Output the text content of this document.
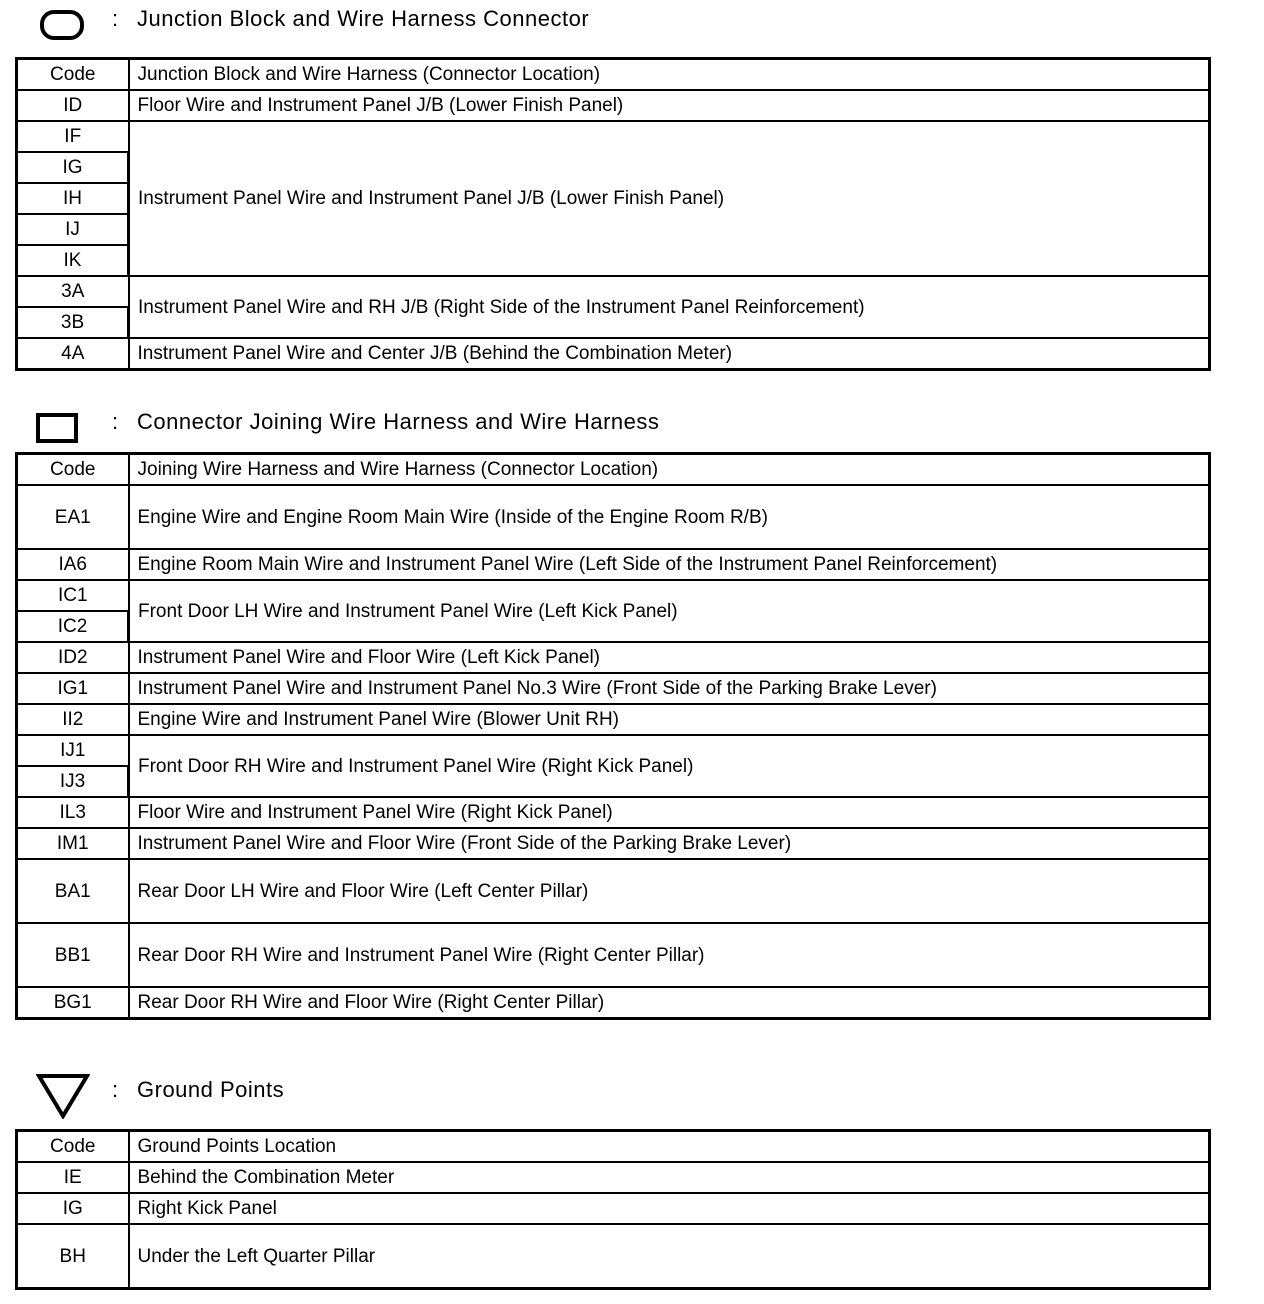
: Junction Block and Wire Harness Connector
Code	Junction Block and Wire Harness (Connector Location)
ID	Floor Wire and Instrument Panel J/B (Lower Finish Panel)
IF	Instrument Panel Wire and Instrument Panel J/B (Lower Finish Panel)
IG	
IH	
IJ	
IK	
3A	Instrument Panel Wire and RH J/B (Right Side of the Instrument Panel Reinforcement)
3B	
4A	Instrument Panel Wire and Center J/B (Behind the Combination Meter)
: Connector Joining Wire Harness and Wire Harness
Code	Joining Wire Harness and Wire Harness (Connector Location)
EA1	Engine Wire and Engine Room Main Wire (Inside of the Engine Room R/B)
IA6	Engine Room Main Wire and Instrument Panel Wire (Left Side of the Instrument Panel Reinforcement)
IC1	Front Door LH Wire and Instrument Panel Wire (Left Kick Panel)
IC2	
ID2	Instrument Panel Wire and Floor Wire (Left Kick Panel)
IG1	Instrument Panel Wire and Instrument Panel No.3 Wire (Front Side of the Parking Brake Lever)
II2	Engine Wire and Instrument Panel Wire (Blower Unit RH)
IJ1	Front Door RH Wire and Instrument Panel Wire (Right Kick Panel)
IJ3	
IL3	Floor Wire and Instrument Panel Wire (Right Kick Panel)
IM1	Instrument Panel Wire and Floor Wire (Front Side of the Parking Brake Lever)
BA1	Rear Door LH Wire and Floor Wire (Left Center Pillar)
BB1	Rear Door RH Wire and Instrument Panel Wire (Right Center Pillar)
BG1	Rear Door RH Wire and Floor Wire (Right Center Pillar)
: Ground Points
Code	Ground Points Location
IE	Behind the Combination Meter
IG	Right Kick Panel
BH	Under the Left Quarter Pillar
